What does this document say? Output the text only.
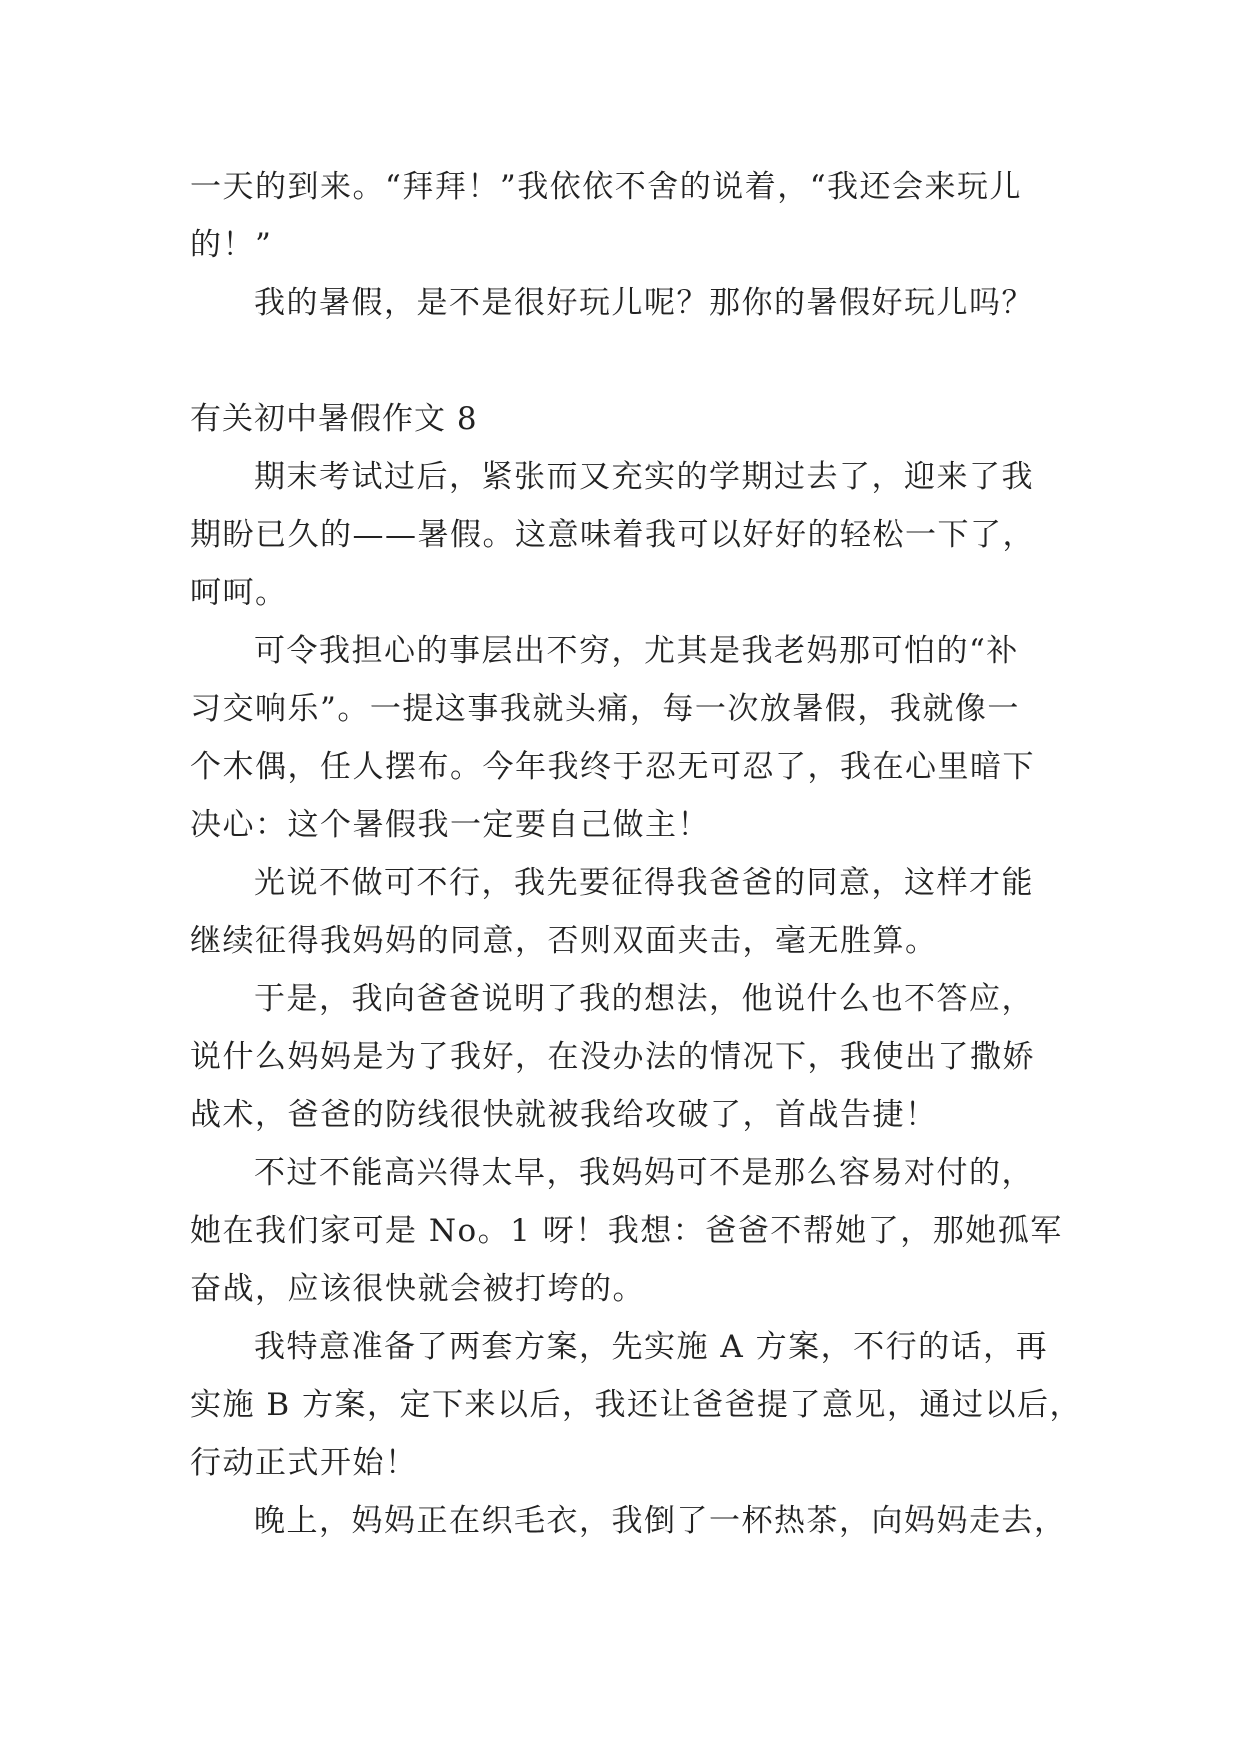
一天的到来。“拜拜！”我依依不舍的说着，“我还会来玩儿
的！”
我的暑假，是不是很好玩儿呢？那你的暑假好玩儿吗？
有关初中暑假作文 8
期末考试过后，紧张而又充实的学期过去了，迎来了我
期盼已久的——暑假。这意味着我可以好好的轻松一下了，
呵呵。
可令我担心的事层出不穷，尤其是我老妈那可怕的“补
习交响乐”。一提这事我就头痛，每一次放暑假，我就像一
个木偶，任人摆布。今年我终于忍无可忍了，我在心里暗下
决心：这个暑假我一定要自己做主！
光说不做可不行，我先要征得我爸爸的同意，这样才能
继续征得我妈妈的同意，否则双面夹击，毫无胜算。
于是，我向爸爸说明了我的想法，他说什么也不答应，
说什么妈妈是为了我好，在没办法的情况下，我使出了撒娇
战术，爸爸的防线很快就被我给攻破了，首战告捷！
不过不能高兴得太早，我妈妈可不是那么容易对付的，
她在我们家可是 No。1 呀！我想：爸爸不帮她了，那她孤军
奋战，应该很快就会被打垮的。
我特意准备了两套方案，先实施 A 方案，不行的话，再
实施 B 方案，定下来以后，我还让爸爸提了意见，通过以后，
行动正式开始！
晚上，妈妈正在织毛衣，我倒了一杯热茶，向妈妈走去，
